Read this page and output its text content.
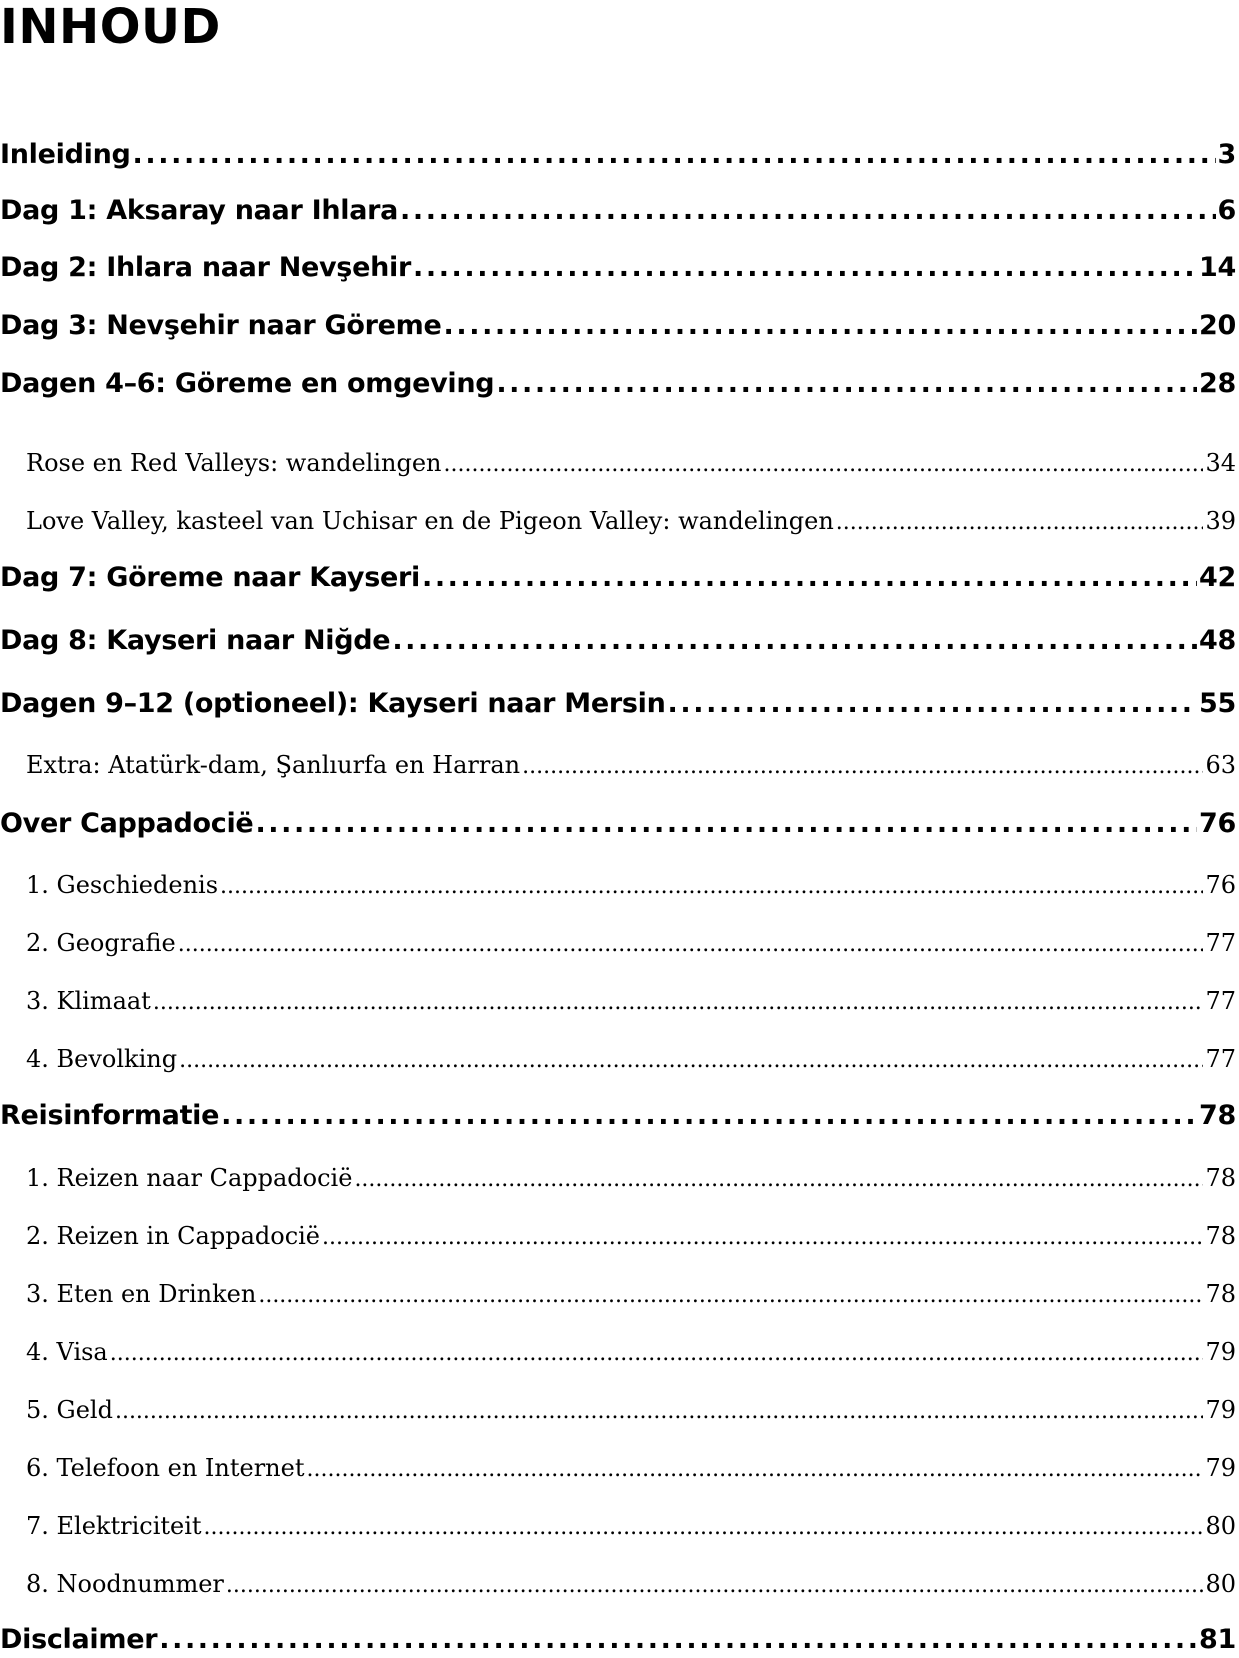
INHOUD
Inleiding .....	3
Dag 1: Aksaray naar Ihlara .....	6
Dag 2: Ihlara naar Nevşehir .....	14
Dag 3: Nevşehir naar Göreme .....	20
Dagen 4–6: Göreme en omgeving .....	28
Rose en Red Valleys: wandelingen .....	34
Love Valley, kasteel van Uchisar en de Pigeon Valley: wandelingen .....	39
Dag 7: Göreme naar Kayseri .....	42
Dag 8: Kayseri naar Niğde .....	48
Dagen 9–12 (optioneel): Kayseri naar Mersin .....	55
Extra: Atatürk-dam, Şanlıurfa en Harran .....	63
Over Cappadocië .....	76
1. Geschiedenis .....	76
2. Geografie .....	77
3. Klimaat .....	77
4. Bevolking .....	77
Reisinformatie .....	78
1. Reizen naar Cappadocië .....	78
2. Reizen in Cappadocië .....	78
3. Eten en Drinken .....	78
4. Visa .....	79
5. Geld .....	79
6. Telefoon en Internet .....	79
7. Elektriciteit .....	80
8. Noodnummer .....	80
Disclaimer .....	81
